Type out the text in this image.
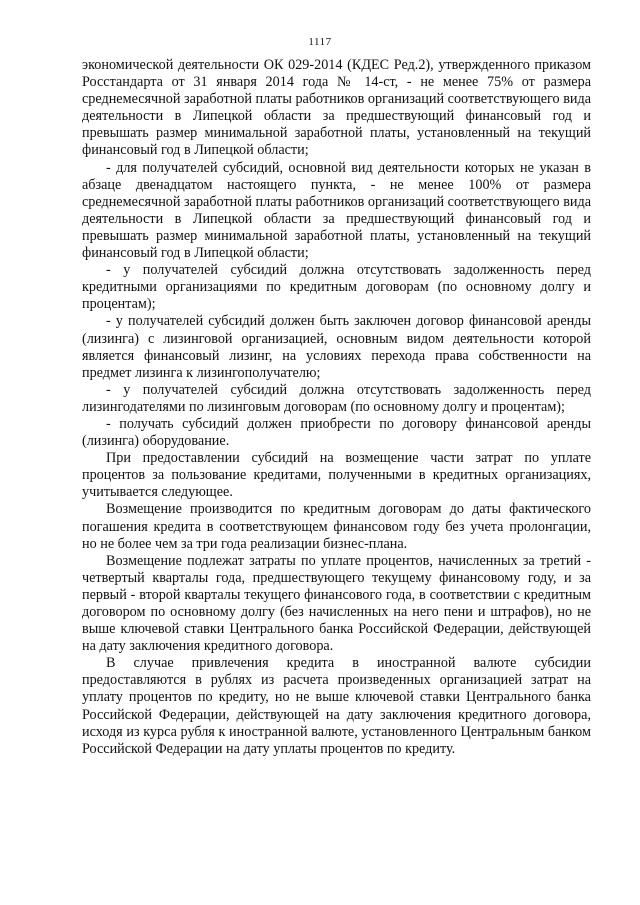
1117

экономической деятельности ОК 029-2014 (КДЕС Ред.2), утвержденного приказом Росстандарта от 31 января 2014 года № 14-ст, - не менее 75% от размера среднемесячной заработной платы работников организаций соответствующего вида деятельности в Липецкой области за предшествующий финансовый год и превышать размер минимальной заработной платы, установленный на текущий финансовый год в Липецкой области;

- для получателей субсидий, основной вид деятельности которых не указан в абзаце двенадцатом настоящего пункта, - не менее 100% от размера среднемесячной заработной платы работников организаций соответствующего вида деятельности в Липецкой области за предшествующий финансовый год и превышать размер минимальной заработной платы, установленный на текущий финансовый год в Липецкой области;

- у получателей субсидий должна отсутствовать задолженность перед кредитными организациями по кредитным договорам (по основному долгу и процентам);

- у получателей субсидий должен быть заключен договор финансовой аренды (лизинга) с лизинговой организацией, основным видом деятельности которой является финансовый лизинг, на условиях перехода права собственности на предмет лизинга к лизингополучателю;

- у получателей субсидий должна отсутствовать задолженность перед лизингодателями по лизинговым договорам (по основному долгу и процентам);

- получать субсидий должен приобрести по договору финансовой аренды (лизинга) оборудование.

При предоставлении субсидий на возмещение части затрат по уплате процентов за пользование кредитами, полученными в кредитных организациях, учитывается следующее.

Возмещение производится по кредитным договорам до даты фактического погашения кредита в соответствующем финансовом году без учета пролонгации, но не более чем за три года реализации бизнес-плана.

Возмещение подлежат затраты по уплате процентов, начисленных за третий - четвертый кварталы года, предшествующего текущему финансовому году, и за первый - второй кварталы текущего финансового года, в соответствии с кредитным договором по основному долгу (без начисленных на него пени и штрафов), но не выше ключевой ставки Центрального банка Российской Федерации, действующей на дату заключения кредитного договора.

В случае привлечения кредита в иностранной валюте субсидии предоставляются в рублях из расчета произведенных организацией затрат на уплату процентов по кредиту, но не выше ключевой ставки Центрального банка Российской Федерации, действующей на дату заключения кредитного договора, исходя из курса рубля к иностранной валюте, установленного Центральным банком Российской Федерации на дату уплаты процентов по кредиту.
